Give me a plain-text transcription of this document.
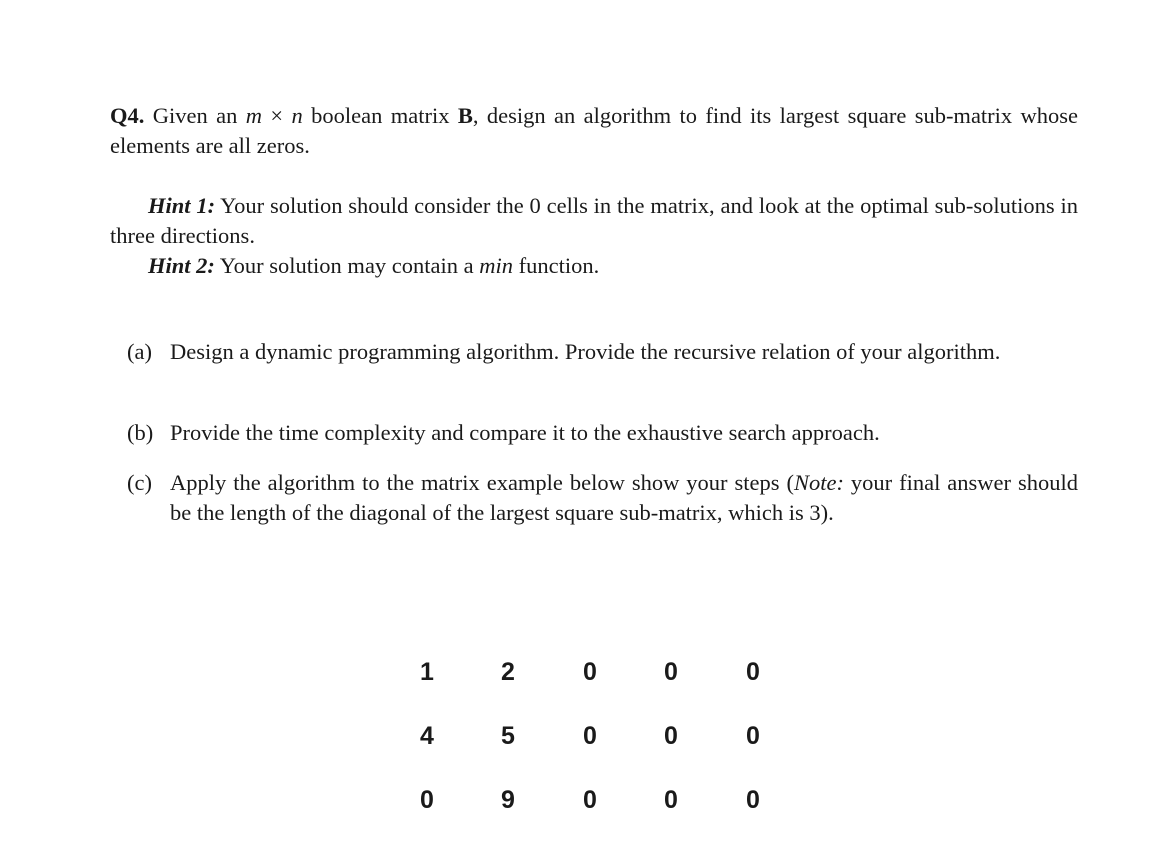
Q4. Given an m × n boolean matrix B, design an algorithm to find its largest square sub-matrix whose elements are all zeros.
Hint 1: Your solution should consider the 0 cells in the matrix, and look at the optimal sub-solutions in three directions.
Hint 2: Your solution may contain a min function.
(a) Design a dynamic programming algorithm. Provide the recursive relation of your algorithm.
(b) Provide the time complexity and compare it to the exhaustive search approach.
(c) Apply the algorithm to the matrix example below show your steps (Note: your final answer should be the length of the diagonal of the largest square sub-matrix, which is 3).
1	2	0	0	0
4	5	0	0	0
0	9	0	0	0
